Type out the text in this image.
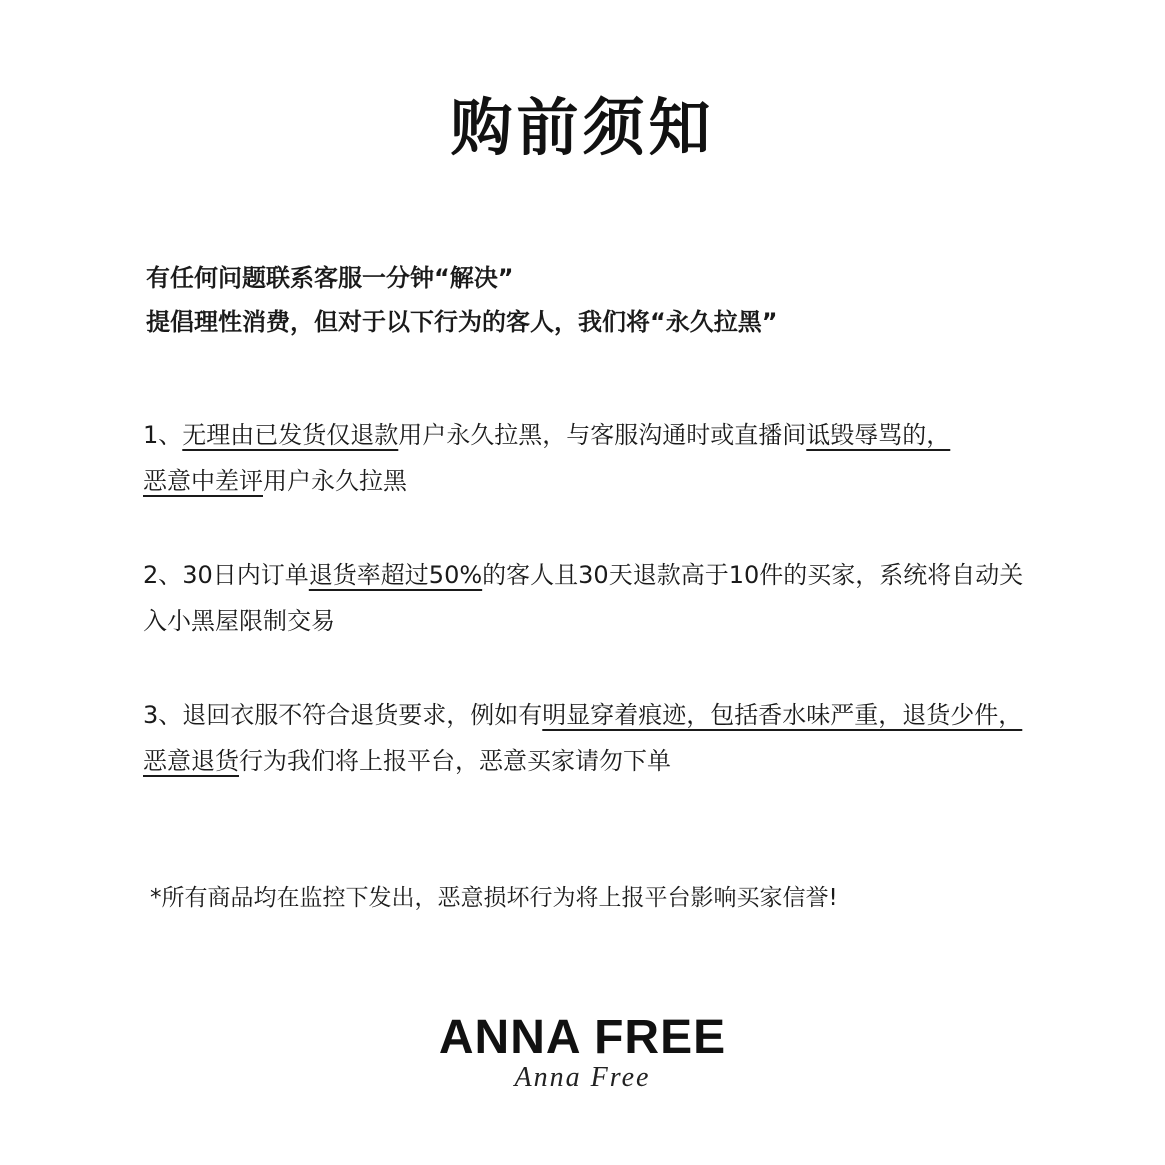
购前须知
有任何问题联系客服一分钟“解决”
提倡理性消费，但对于以下行为的客人，我们将“永久拉黑”
1、无理由已发货仅退款用户永久拉黑，与客服沟通时或直播间诋毁辱骂的，
恶意中差评用户永久拉黑
2、30日内订单退货率超过50%的客人且30天退款高于10件的买家，系统将自动关入小黑屋限制交易
3、退回衣服不符合退货要求，例如有明显穿着痕迹，包括香水味严重，退货少件，恶意退货行为我们将上报平台，恶意买家请勿下单
*所有商品均在监控下发出，恶意损坏行为将上报平台影响买家信誉!
ANNA FREE
Anna Free
